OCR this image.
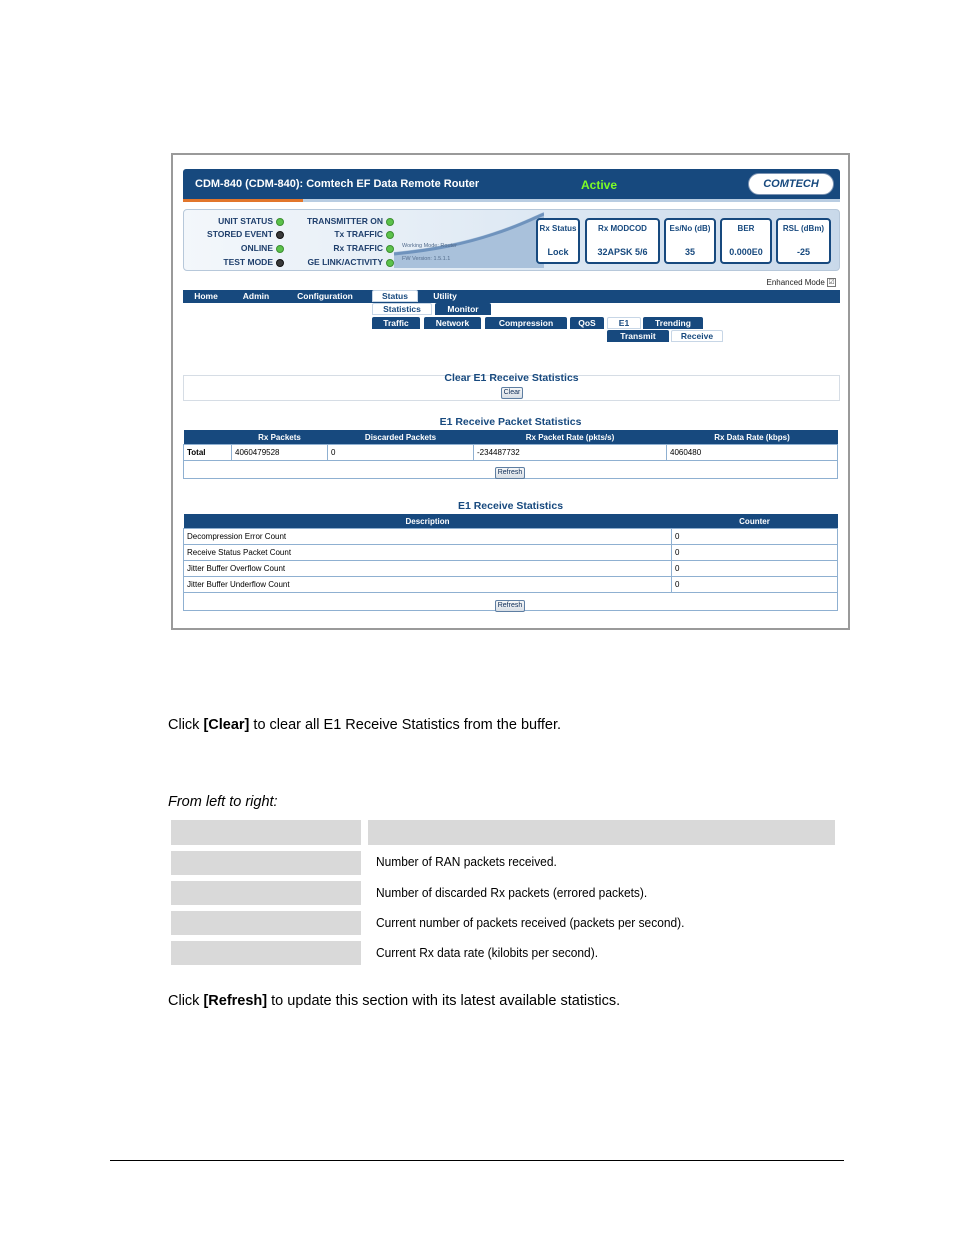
CDM-840 (CDM-840): Comtech EF Data Remote Router	Active	COMTECH
UNIT STATUS
STORED EVENT
ONLINE
TEST MODE
TRANSMITTER ON
Tx TRAFFIC
Rx TRAFFIC
GE LINK/ACTIVITY
Working Mode: Router
FW Version: 1.5.1.1
Rx Status
Lock
Rx MODCOD
32APSK 5/6
Es/No (dB)
35
BER
0.000E0
RSL (dBm)
-25
Enhanced Mode ☑
Home	Admin	Configuration	Status	Utility
Statistics	Monitor
Traffic	Network	Compression	QoS	E1	Trending
Transmit	Receive
Clear E1 Receive Statistics
Clear
E1 Receive Packet Statistics
	Rx Packets	Discarded Packets	Rx Packet Rate (pkts/s)	Rx Data Rate (kbps)
Total	4060479528	0	-234487732	4060480

Refresh
E1 Receive Statistics
Description	Counter
Decompression Error Count	0
Receive Status Packet Count	0
Jitter Buffer Overflow Count	0
Jitter Buffer Underflow Count	0

Refresh
Click [Clear] to clear all E1 Receive Statistics from the buffer.
From left to right:
Number of RAN packets received.
Number of discarded Rx packets (errored packets).
Current number of packets received (packets per second).
Current Rx data rate (kilobits per second).
Click [Refresh] to update this section with its latest available statistics.
